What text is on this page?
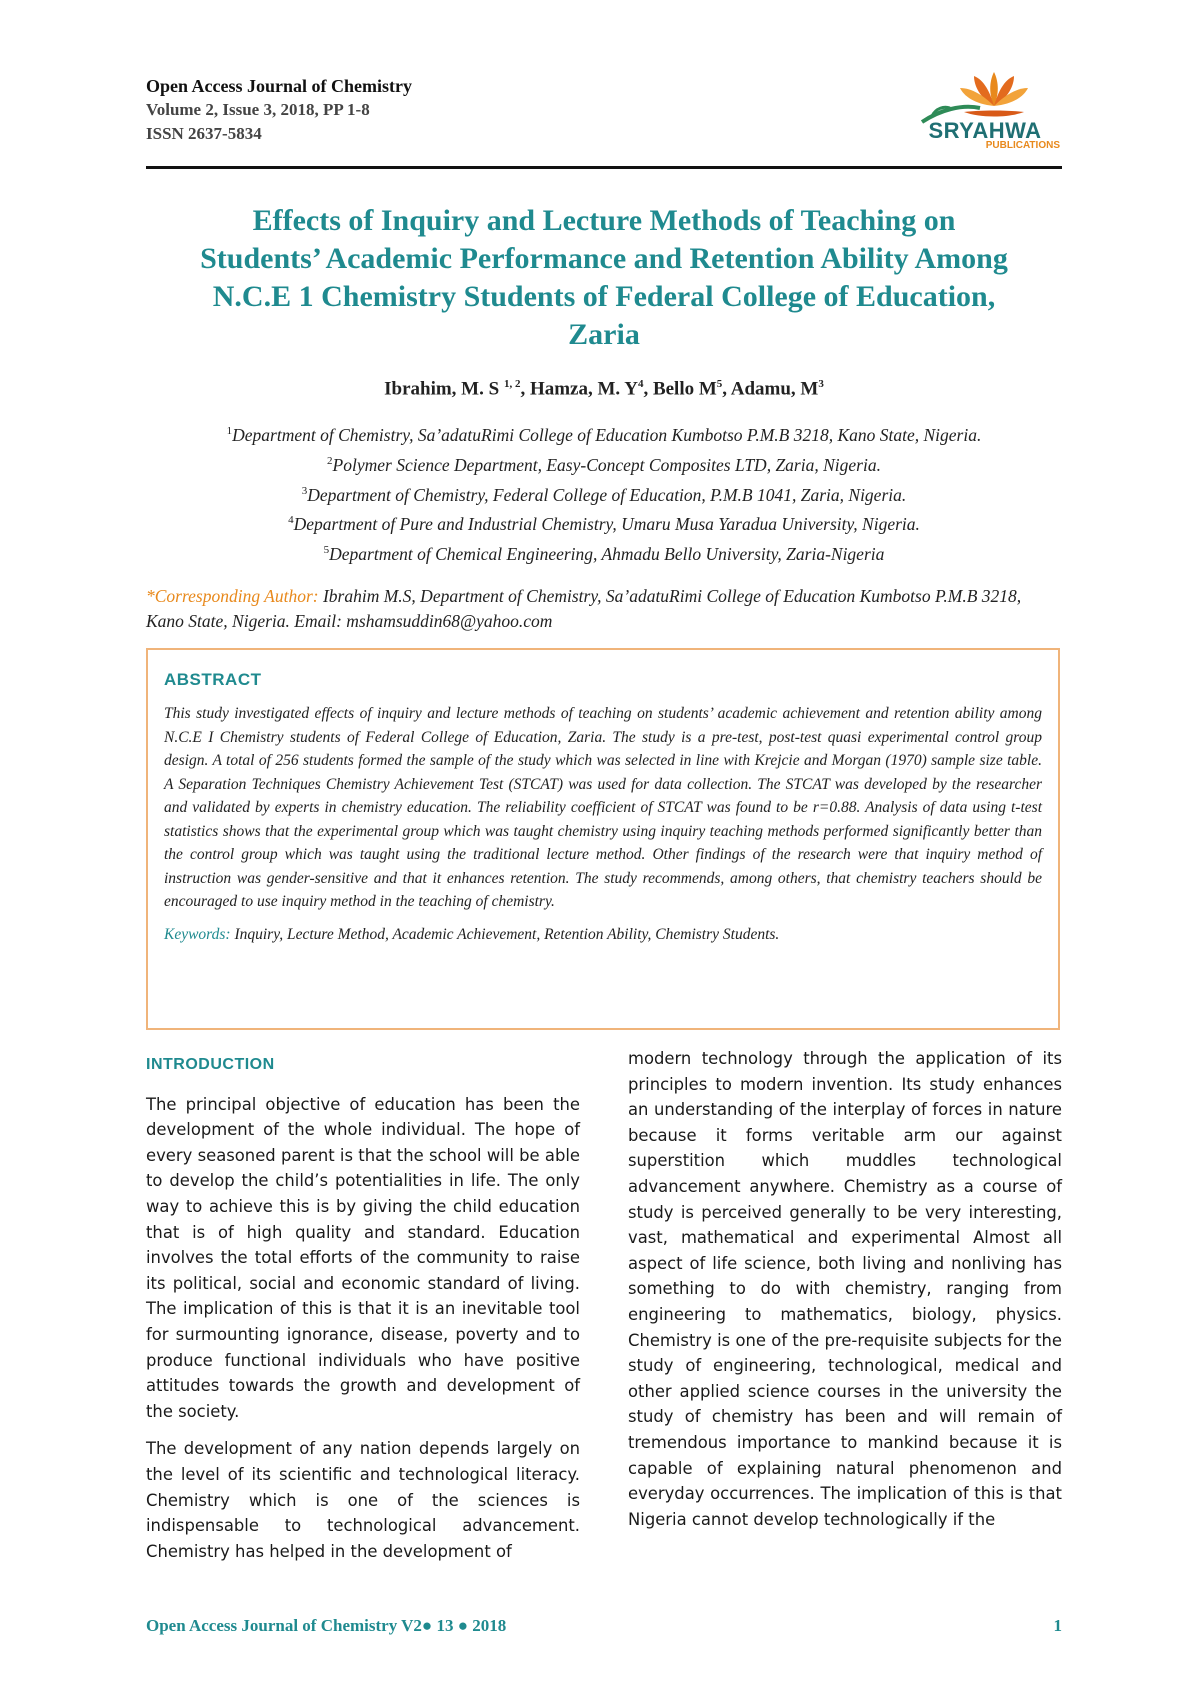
Open Access Journal of Chemistry
Volume 2, Issue 3, 2018, PP 1-8
ISSN 2637-5834	SRYAHWA
PUBLICATIONS
Effects of Inquiry and Lecture Methods of Teaching on
Students’ Academic Performance and Retention Ability Among
N.C.E 1 Chemistry Students of Federal College of Education,
Zaria
Ibrahim, M. S $^{1, 2}$, Hamza, M. $Y^4$, Bello $M^5$, Adamu, $M^3$
$^1$Department of Chemistry, Sa’adatuRimi College of Education Kumbotso P.M.B 3218, Kano State, Nigeria.
$^2$Polymer Science Department, Easy-Concept Composites LTD, Zaria, Nigeria.
$^3$Department of Chemistry, Federal College of Education, P.M.B 1041, Zaria, Nigeria.
$^4$Department of Pure and Industrial Chemistry, Umaru Musa Yaradua University, Nigeria.
$^5$Department of Chemical Engineering, Ahmadu Bello University, Zaria-Nigeria
*Corresponding Author: Ibrahim M.S, Department of Chemistry, Sa’adatuRimi College of Education Kumbotso P.M.B 3218, Kano State, Nigeria. Email: mshamsuddin68@yahoo.com
ABSTRACT
This study investigated effects of inquiry and lecture methods of teaching on students’ academic achievement and retention ability among N.C.E I Chemistry students of Federal College of Education, Zaria. The study is a pre-test, post-test quasi experimental control group design. A total of 256 students formed the sample of the study which was selected in line with Krejcie and Morgan (1970) sample size table. A Separation Techniques Chemistry Achievement Test (STCAT) was used for data collection. The STCAT was developed by the researcher and validated by experts in chemistry education. The reliability coefficient of STCAT was found to be r=0.88. Analysis of data using t-test statistics shows that the experimental group which was taught chemistry using inquiry teaching methods performed significantly better than the control group which was taught using the traditional lecture method. Other findings of the research were that inquiry method of instruction was gender-sensitive and that it enhances retention. The study recommends, among others, that chemistry teachers should be encouraged to use inquiry method in the teaching of chemistry.
Keywords: Inquiry, Lecture Method, Academic Achievement, Retention Ability, Chemistry Students.
INTRODUCTION

The principal objective of education has been the development of the whole individual. The hope of every seasoned parent is that the school will be able to develop the child’s potentialities in life. The only way to achieve this is by giving the child education that is of high quality and standard. Education involves the total efforts of the community to raise its political, social and economic standard of living. The implication of this is that it is an inevitable tool for surmounting ignorance, disease, poverty and to produce functional individuals who have positive attitudes towards the growth and development of the society.

The development of any nation depends largely on the level of its scientific and technological literacy. Chemistry which is one of the sciences is indispensable to technological advancement. Chemistry has helped in the development of

modern technology through the application of its principles to modern invention. Its study enhances an understanding of the interplay of forces in nature because it forms veritable arm our against superstition which muddles technological advancement anywhere. Chemistry as a course of study is perceived generally to be very interesting, vast, mathematical and experimental Almost all aspect of life science, both living and nonliving has something to do with chemistry, ranging from engineering to mathematics, biology, physics. Chemistry is one of the pre-requisite subjects for the study of engineering, technological, medical and other applied science courses in the university the study of chemistry has been and will remain of tremendous importance to mankind because it is capable of explaining natural phenomenon and everyday occurrences. The implication of this is that Nigeria cannot develop technologically if the

Open Access Journal of Chemistry V2● 13 ● 2018	1
